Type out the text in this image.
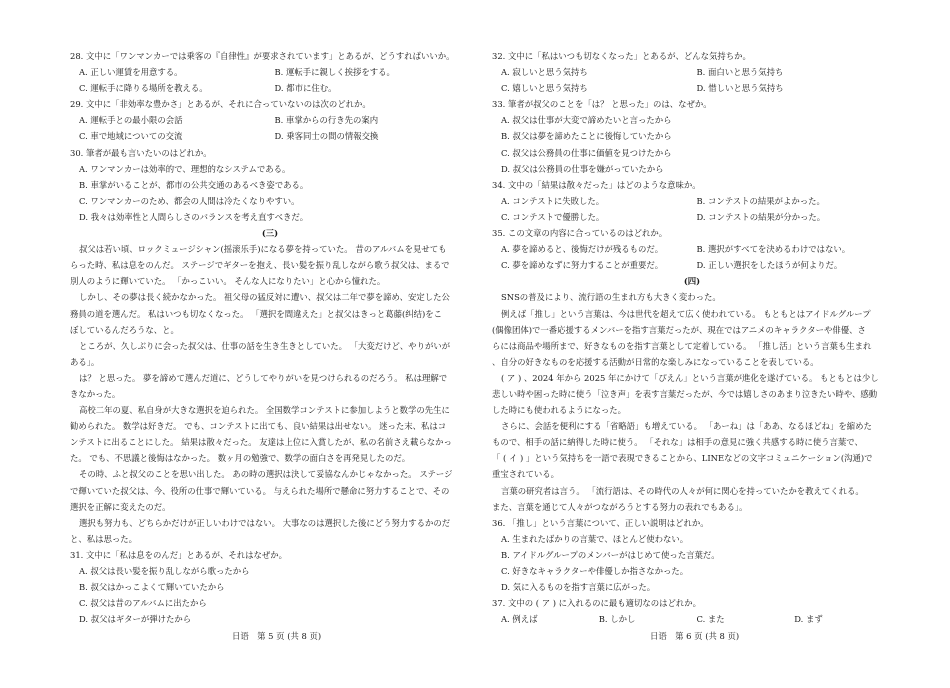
28. 文中に「ワンマンカーでは乗客の『自律性』が要求されています」とあるが、どうすればいいか。
A. 正しい運賃を用意する。	B. 運転手に親しく挨拶をする。
C. 運転手に降りる場所を教える。	D. 都市に住む。
29. 文中に「非効率な豊かさ」とあるが、それに合っていないのは次のどれか。
A. 運転手との最小限の会話	B. 車掌からの行き先の案内
C. 車で地域についての交流	D. 乗客同士の間の情報交換
30. 筆者が最も言いたいのはどれか。
A. ワンマンカーは効率的で、理想的なシステムである。
B. 車掌がいることが、都市の公共交通のあるべき姿である。
C. ワンマンカーのため、都会の人間は冷たくなりやすい。
D. 我々は効率性と人間らしさのバランスを考え直すべきだ。
(三)
叔父は若い頃、ロックミュージシャン(摇滚乐手)になる夢を持っていた。 昔のアルバムを見せても
らった時、私は息をのんだ。 ステージでギターを抱え、長い髪を振り乱しながら歌う叔父は、まるで
別人のように輝いていた。 「かっこいい。 そんな人になりたい」と心から憧れた。
しかし、その夢は長く続かなかった。 祖父母の猛反対に遭い、叔父は二年で夢を諦め、安定した公
務員の道を選んだ。 私はいつも切なくなった。 「選択を間違えた」と叔父はきっと葛藤(纠结)をこ
ぼしているんだろうな、と。
ところが、久しぶりに会った叔父は、仕事の話を生き生きとしていた。 「大変だけど、やりがいが
ある」。
は？ と思った。 夢を諦めて選んだ道に、どうしてやりがいを見つけられるのだろう。 私は理解で
きなかった。
高校二年の夏、私自身が大きな選択を迫られた。 全国数学コンテストに参加しようと数学の先生に
勧められた。 数学は好きだ。 でも、コンテストに出ても、良い結果は出せない。 迷った末、私はコ
ンテストに出ることにした。 結果は散々だった。 友達は上位に入賞したが、私の名前さえ載らなかっ
た。 でも、不思議と後悔はなかった。 数ヶ月の勉強で、数学の面白さを再発見したのだ。
その時、ふと叔父のことを思い出した。 あの時の選択は決して妥協なんかじゃなかった。 ステージ
で輝いていた叔父は、今、役所の仕事で輝いている。 与えられた場所で懸命に努力することで、その
選択を正解に変えたのだ。
選択も努力も、どちらかだけが正しいわけではない。 大事なのは選択した後にどう努力するかのだ
と、私は思った。
31. 文中に「私は息をのんだ」とあるが、それはなぜか。
A. 叔父は長い髪を振り乱しながら歌ったから
B. 叔父はかっこよくて輝いていたから
C. 叔父は昔のアルバムに出たから
D. 叔父はギターが弾けたから
32. 文中に「私はいつも切なくなった」とあるが、どんな気持ちか。
A. 寂しいと思う気持ち	B. 面白いと思う気持ち
C. 嬉しいと思う気持ち	D. 惜しいと思う気持ち
33. 筆者が叔父のことを「は？ と思った」のは、なぜか。
A. 叔父は仕事が大変で諦めたいと言ったから
B. 叔父は夢を諦めたことに後悔していたから
C. 叔父は公務員の仕事に価値を見つけたから
D. 叔父は公務員の仕事を嫌がっていたから
34. 文中の「結果は散々だった」はどのような意味か。
A. コンテストに失敗した。	B. コンテストの結果がよかった。
C. コンテストで優勝した。	D. コンテストの結果が分かった。
35. この文章の内容に合っているのはどれか。
A. 夢を諦めると、後悔だけが残るものだ。	B. 選択がすべてを決めるわけではない。
C. 夢を諦めなずに努力することが重要だ。	D. 正しい選択をしたほうが何よりだ。
(四)
SNSの普及により、流行語の生まれ方も大きく変わった。
例えば「推し」という言葉は、今は世代を超えて広く使われている。 もともとはアイドルグループ
(偶像团体)で一番応援するメンバーを指す言葉だったが、現在ではアニメのキャラクターや俳優、さ
らには商品や場所まで、好きなものを指す言葉として定着している。 「推し活」という言葉も生まれ
、自分の好きなものを応援する活動が日常的な楽しみになっていることを表している。
( ア ) 、2024 年から 2025 年にかけて「ぴえん」という言葉が進化を遂げている。 もともとは少し
悲しい時や困った時に使う「泣き声」を表す言葉だったが、今では嬉しさのあまり泣きたい時や、感動
した時にも使われるようになった。
さらに、会話を便利にする「省略語」も増えている。 「あーね」は「ああ、なるほどね」を縮めた
もので、相手の話に納得した時に使う。 「それな」は相手の意見に強く共感する時に使う言葉で、
「 ( イ ) 」という気持ちを一語で表現できることから、LINEなどの文字コミュニケーション(沟通)で
重宝されている。
言葉の研究者は言う。 「流行語は、その時代の人々が何に関心を持っていたかを教えてくれる。
また、言葉を通じて人々がつながろうとする努力の表れでもある」。
36. 「推し」という言葉について、正しい説明はどれか。
A. 生まれたばかりの言葉で、ほとんど使わない。
B. アイドルグループのメンバーがはじめて使った言葉だ。
C. 好きなキャラクターや俳優しか指さなかった。
D. 気に入るものを指す言葉に広がった。
37. 文中の ( ア ) に入れるのに最も適切なのはどれか。
A. 例えば	B. しかし	C. また	D. まず
日语　第 5 页 (共 8 页)	日语　第 6 页 (共 8 页)
